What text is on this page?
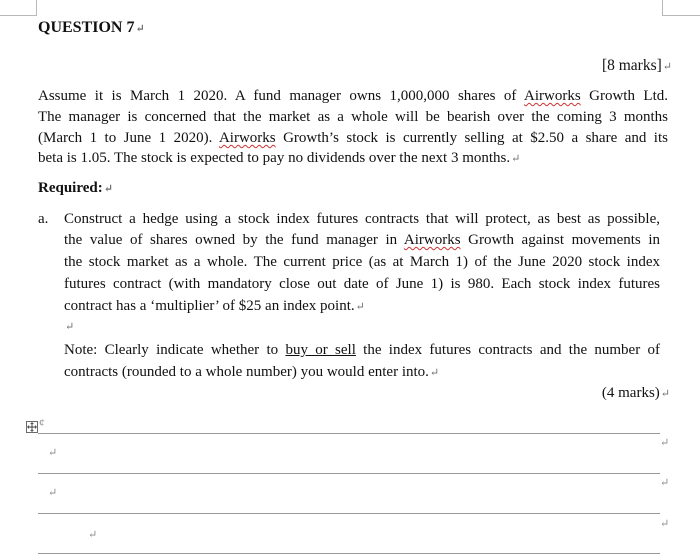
QUESTION 7↵
[8 marks]↵
Assume it is March 1 2020. A fund manager owns 1,000,000 shares of Airworks Growth Ltd.
The manager is concerned that the market as a whole will be bearish over the coming 3 months
(March 1 to June 1 2020). Airworks Growth’s stock is currently selling at $2.50 a share and its
beta is 1.05. The stock is expected to pay no dividends over the next 3 months.↵
Required:↵
a. Construct a hedge using a stock index futures contracts that will protect, as best as possible,
the value of shares owned by the fund manager in Airworks Growth against movements in
the stock market as a whole. The current price (as at March 1) of the June 2020 stock index
futures contract (with mandatory close out date of June 1) is 980. Each stock index futures
contract has a ‘multiplier’ of $25 an index point.↵
↵
Note: Clearly indicate whether to buy or sell the index futures contracts and the number of
contracts (rounded to a whole number) you would enter into.↵
(4 marks)↵
¢
↵
↵
↵
↵
↵
↵
